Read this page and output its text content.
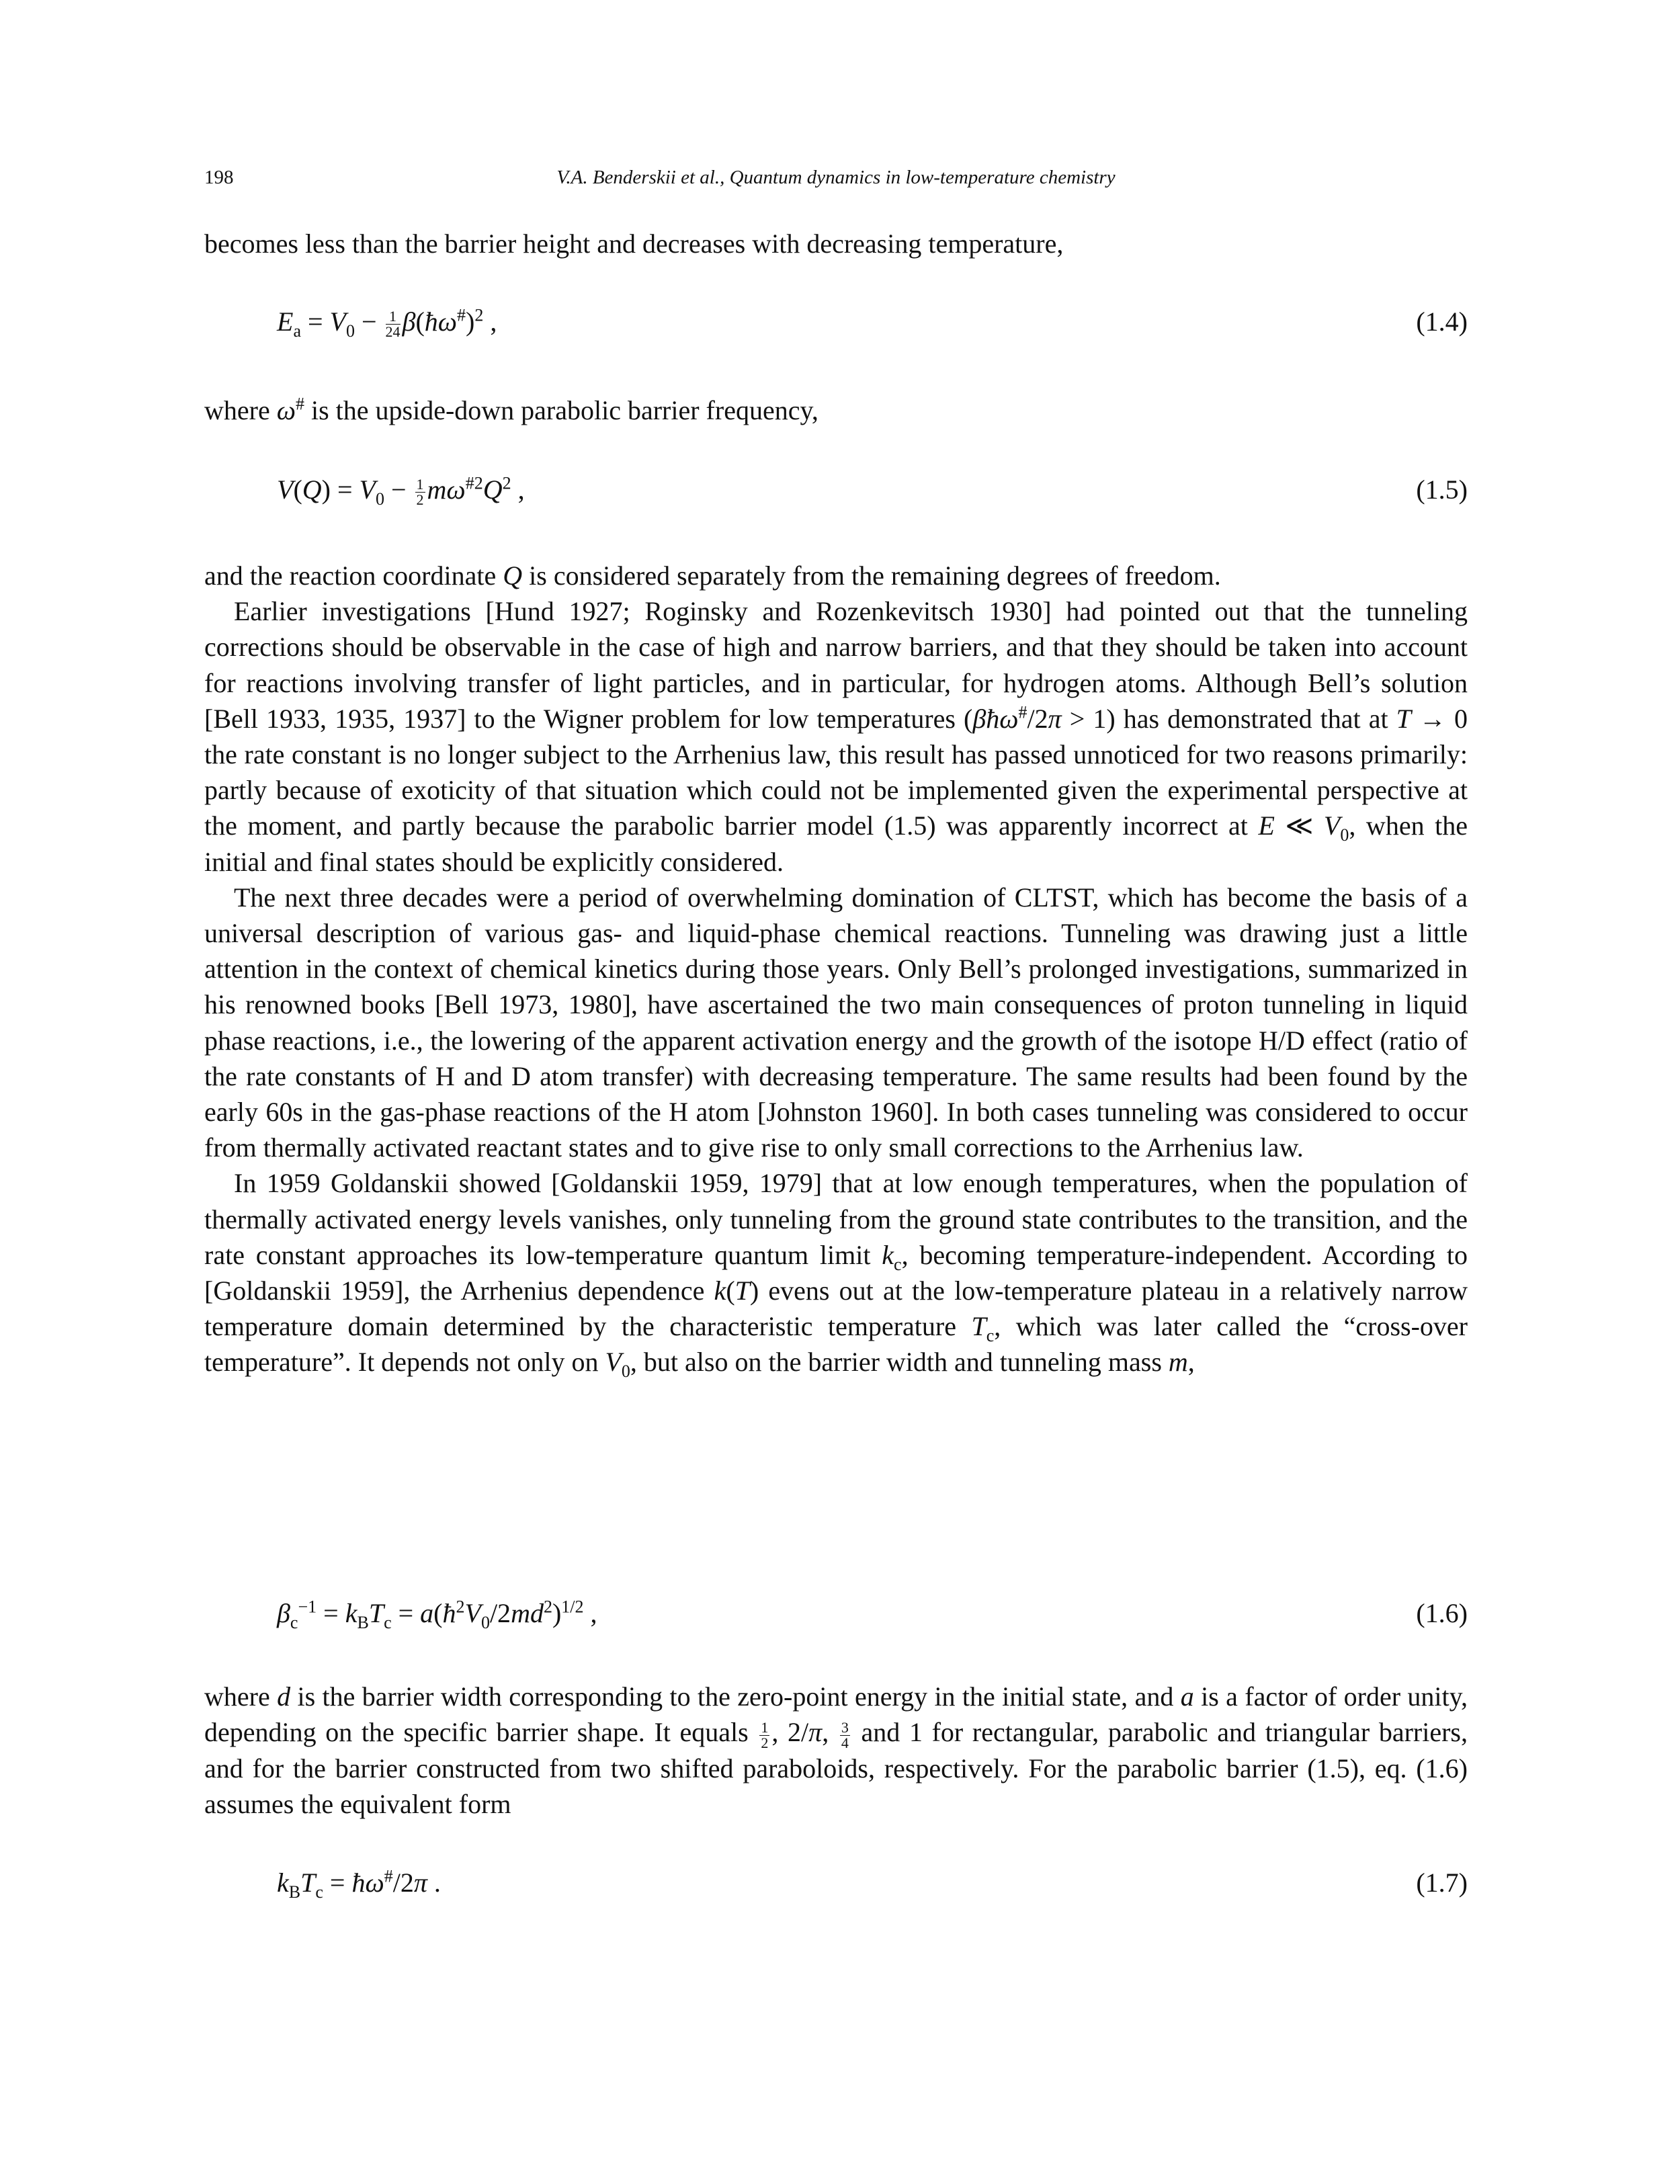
198	V.A. Benderskii et al., Quantum dynamics in low-temperature chemistry

becomes less than the barrier height and decreases with decreasing temperature,

$E_a = V_0 - \frac{1}{24}$ β(ħω#)$^2$ ,	(1.4)

where ω# is the upside-down parabolic barrier frequency,

$V(Q) = V_0 - \frac{1}{2} m\omega^{\#2}Q^2$ ,	(1.5)

and the reaction coordinate Q is considered separately from the remaining degrees of freedom.

Earlier investigations [Hund 1927; Roginsky and Rozenkevitsch 1930] had pointed out that the tunneling corrections should be observable in the case of high and narrow barriers, and that they should be taken into account for reactions involving transfer of light particles, and in particular, for hydrogen atoms. Although Bell’s solution [Bell 1933, 1935, 1937] to the Wigner problem for low temperatures (βħω#/2π > 1) has demonstrated that at T → 0 the rate constant is no longer subject to the Arrhenius law, this result has passed unnoticed for two reasons primarily: partly because of exoticity of that situation which could not be implemented given the experimental perspective at the moment, and partly because the parabolic barrier model (1.5) was apparently incorrect at E ≪ $V_0$, when the initial and final states should be explicitly considered.

The next three decades were a period of overwhelming domination of CLTST, which has become the basis of a universal description of various gas- and liquid-phase chemical reactions. Tunneling was drawing just a little attention in the context of chemical kinetics during those years. Only Bell’s prolonged investigations, summarized in his renowned books [Bell 1973, 1980], have ascertained the two main consequences of proton tunneling in liquid phase reactions, i.e., the lowering of the apparent activation energy and the growth of the isotope H/D effect (ratio of the rate constants of H and D atom transfer) with decreasing temperature. The same results had been found by the early 60s in the gas-phase reactions of the H atom [Johnston 1960]. In both cases tunneling was considered to occur from thermally activated reactant states and to give rise to only small corrections to the Arrhenius law.

In 1959 Goldanskii showed [Goldanskii 1959, 1979] that at low enough temperatures, when the population of thermally activated energy levels vanishes, only tunneling from the ground state contributes to the transition, and the rate constant approaches its low-temperature quantum limit $k_c$, becoming temperature-independent. According to [Goldanskii 1959], the Arrhenius dependence k(T) evens out at the low-temperature plateau in a relatively narrow temperature domain determined by the characteristic temperature $T_c$, which was later called the “cross-over temperature”. It depends not only on $V_0$, but also on the barrier width and tunneling mass m,

$\beta_c^{-1} = k_BT_c$ = $a(ħ^2V_0/2md^2)^{1/2}$ ,	(1.6)

where d is the barrier width corresponding to the zero-point energy in the initial state, and a is a factor of order unity, depending on the specific barrier shape. It equals $\frac{1}{2}$ , 2/π, $\frac{3}{4}$ and 1 for rectangular, parabolic and triangular barriers, and for the barrier constructed from two shifted paraboloids, respectively. For the parabolic barrier (1.5), eq. (1.6) assumes the equivalent form

$k_BT_c$ = ħω#/2π .	(1.7)
